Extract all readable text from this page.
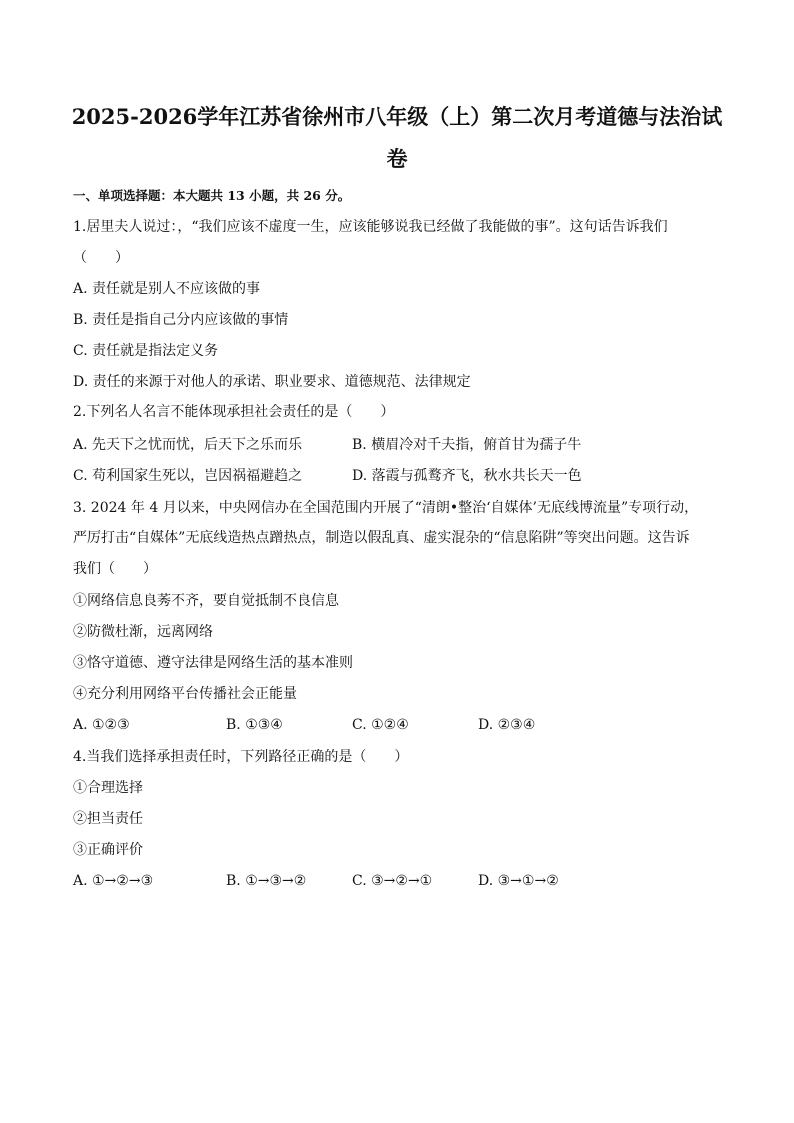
2025-2026学年江苏省徐州市八年级（上）第二次月考道德与法治试
卷
一、单项选择题：本大题共 13 小题，共 26 分。
1.居里夫人说过：，“我们应该不虚度一生，应该能够说我已经做了我能做的事”。这句话告诉我们
（　　）
A. 责任就是别人不应该做的事
B. 责任是指自己分内应该做的事情
C. 责任就是指法定义务
D. 责任的来源于对他人的承诺、职业要求、道德规范、法律规定
2.下列名人名言不能体现承担社会责任的是（　　）
A. 先天下之忧而忧，后天下之乐而乐	B. 横眉冷对千夫指，俯首甘为孺子牛
C. 苟利国家生死以，岂因祸福避趋之	D. 落霞与孤鹜齐飞，秋水共长天一色
3. 2024 年 4 月以来，中央网信办在全国范围内开展了“清朗•整治‘自媒体’无底线博流量”专项行动，
严厉打击“自媒体”无底线造热点蹭热点，制造以假乱真、虚实混杂的“信息陷阱”等突出问题。这告诉
我们（　　）
①网络信息良莠不齐，要自觉抵制不良信息
②防微杜渐，远离网络
③恪守道德、遵守法律是网络生活的基本准则
④充分利用网络平台传播社会正能量
A. ①②③	B. ①③④	C. ①②④	D. ②③④
4.当我们选择承担责任时，下列路径正确的是（　　）
①合理选择
②担当责任
③正确评价
A. ①→②→③	B. ①→③→②	C. ③→②→①	D. ③→①→②
